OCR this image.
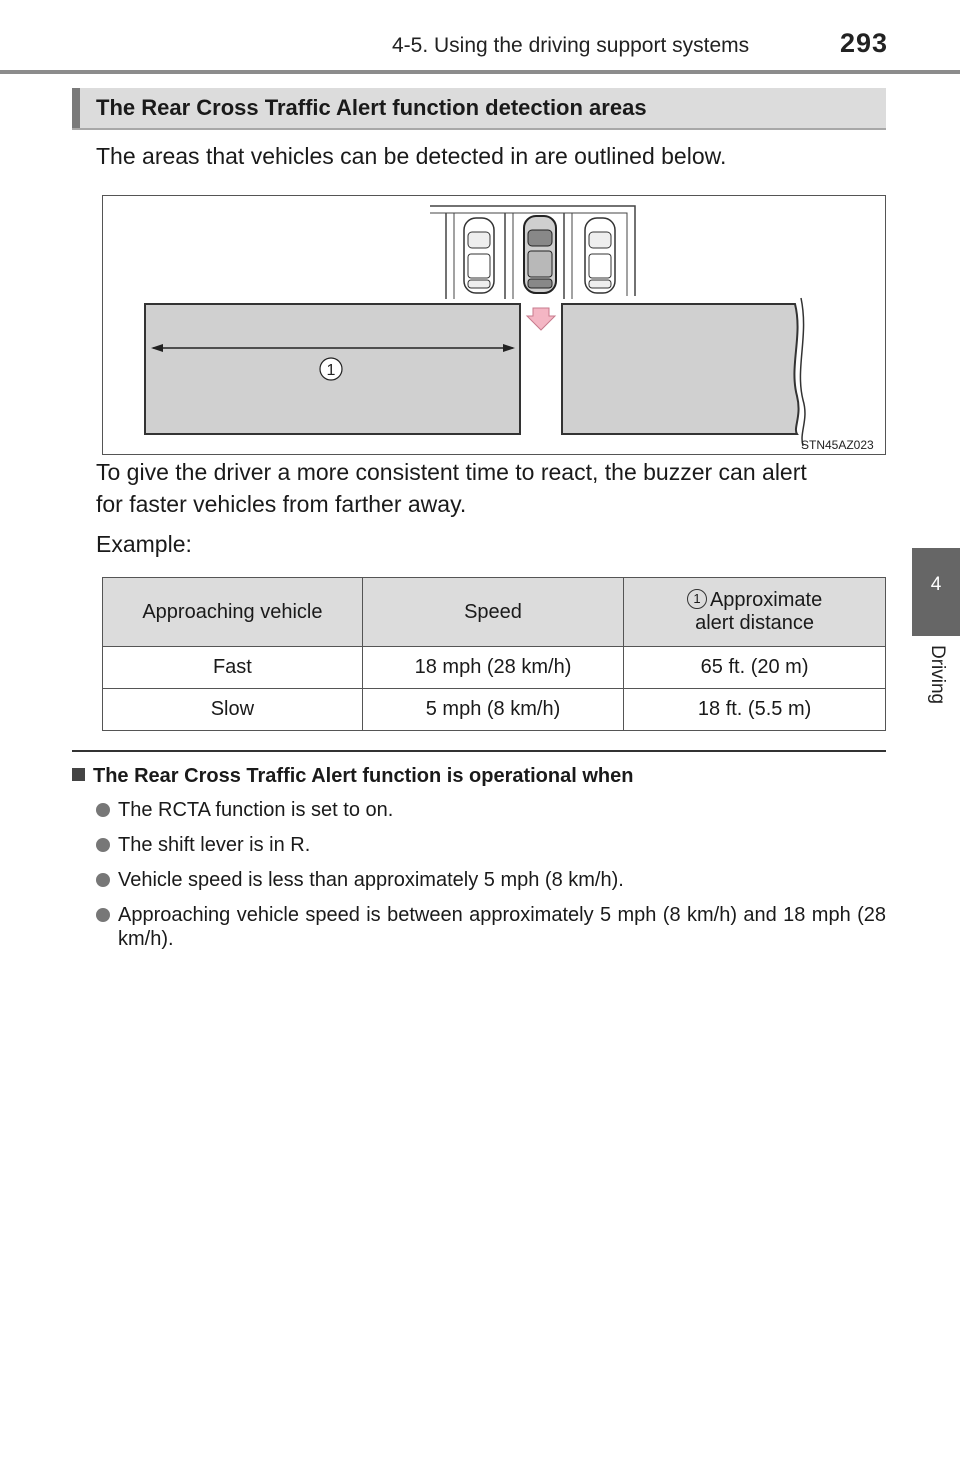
4-5. Using the driving support systems	293
4
Driving
The Rear Cross Traffic Alert function detection areas
The areas that vehicles can be detected in are outlined below.
1
STN45AZ023
To give the driver a more consistent time to react, the buzzer can alert
for faster vehicles from farther away.
Example:
Approaching vehicle	Speed	1 Approximate
alert distance
Fast	18 mph (28 km/h)	65 ft. (20 m)
Slow	5 mph (8 km/h)	18 ft. (5.5 m)
The Rear Cross Traffic Alert function is operational when
The RCTA function is set to on.
The shift lever is in R.
Vehicle speed is less than approximately 5 mph (8 km/h).
Approaching vehicle speed is between approximately 5 mph (8 km/h) and 18 mph (28 km/h).
